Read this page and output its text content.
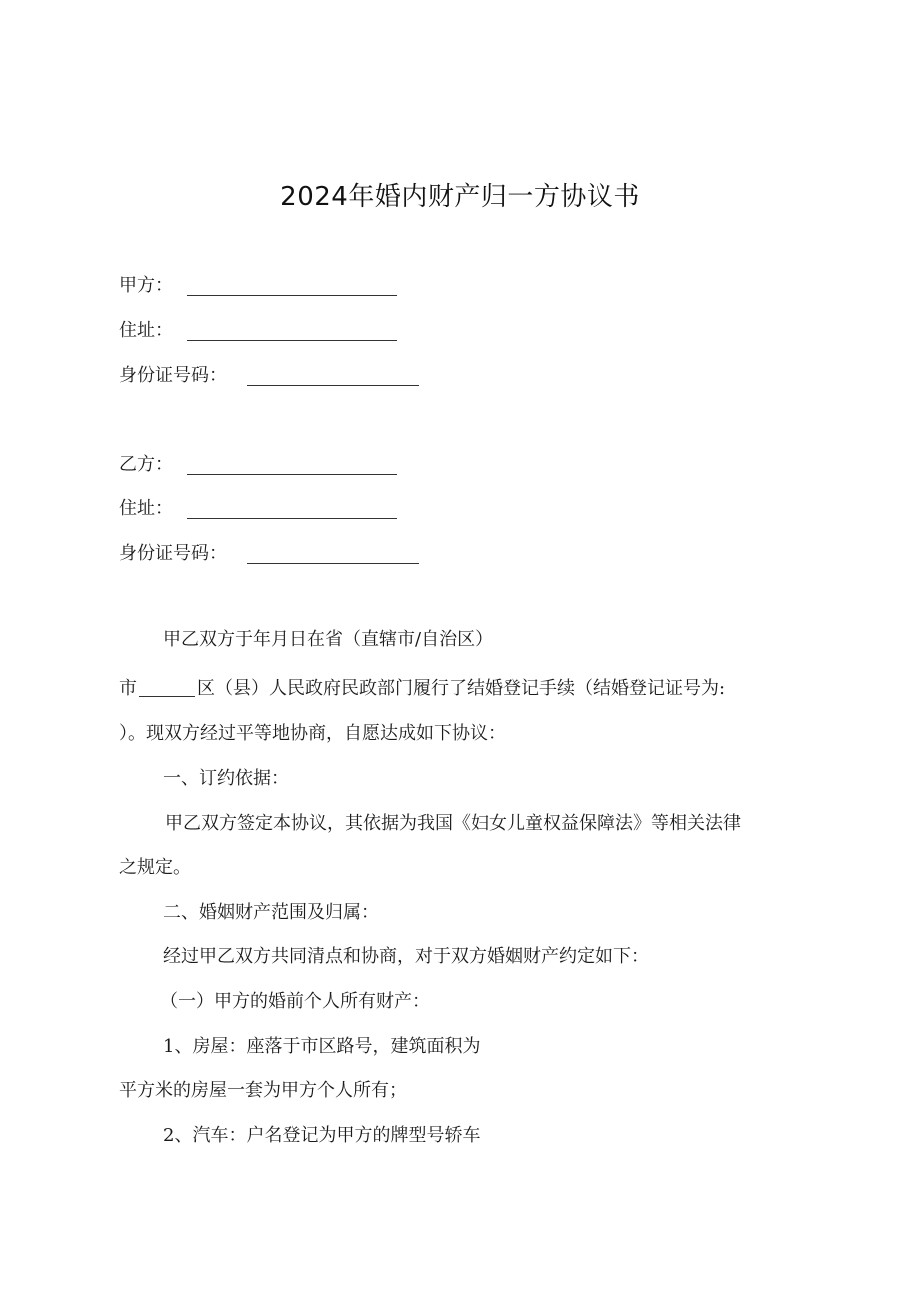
2024年婚内财产归一方协议书
甲方：
住址：
身份证号码：
乙方：
住址：
身份证号码：
甲乙双方于年月日在省（直辖市/自治区）
市	区（县）人民政府民政部门履行了结婚登记手续（结婚登记证号为:
）。现双方经过平等地协商，自愿达成如下协议：
一、订约依据：
甲乙双方签定本协议，其依据为我国《妇女儿童权益保障法》等相关法律
之规定。
二、婚姻财产范围及归属：
经过甲乙双方共同清点和协商，对于双方婚姻财产约定如下：
（一）甲方的婚前个人所有财产：
1、房屋：座落于市区路号，建筑面积为
平方米的房屋一套为甲方个人所有；
2、汽车：户名登记为甲方的牌型号轿车
